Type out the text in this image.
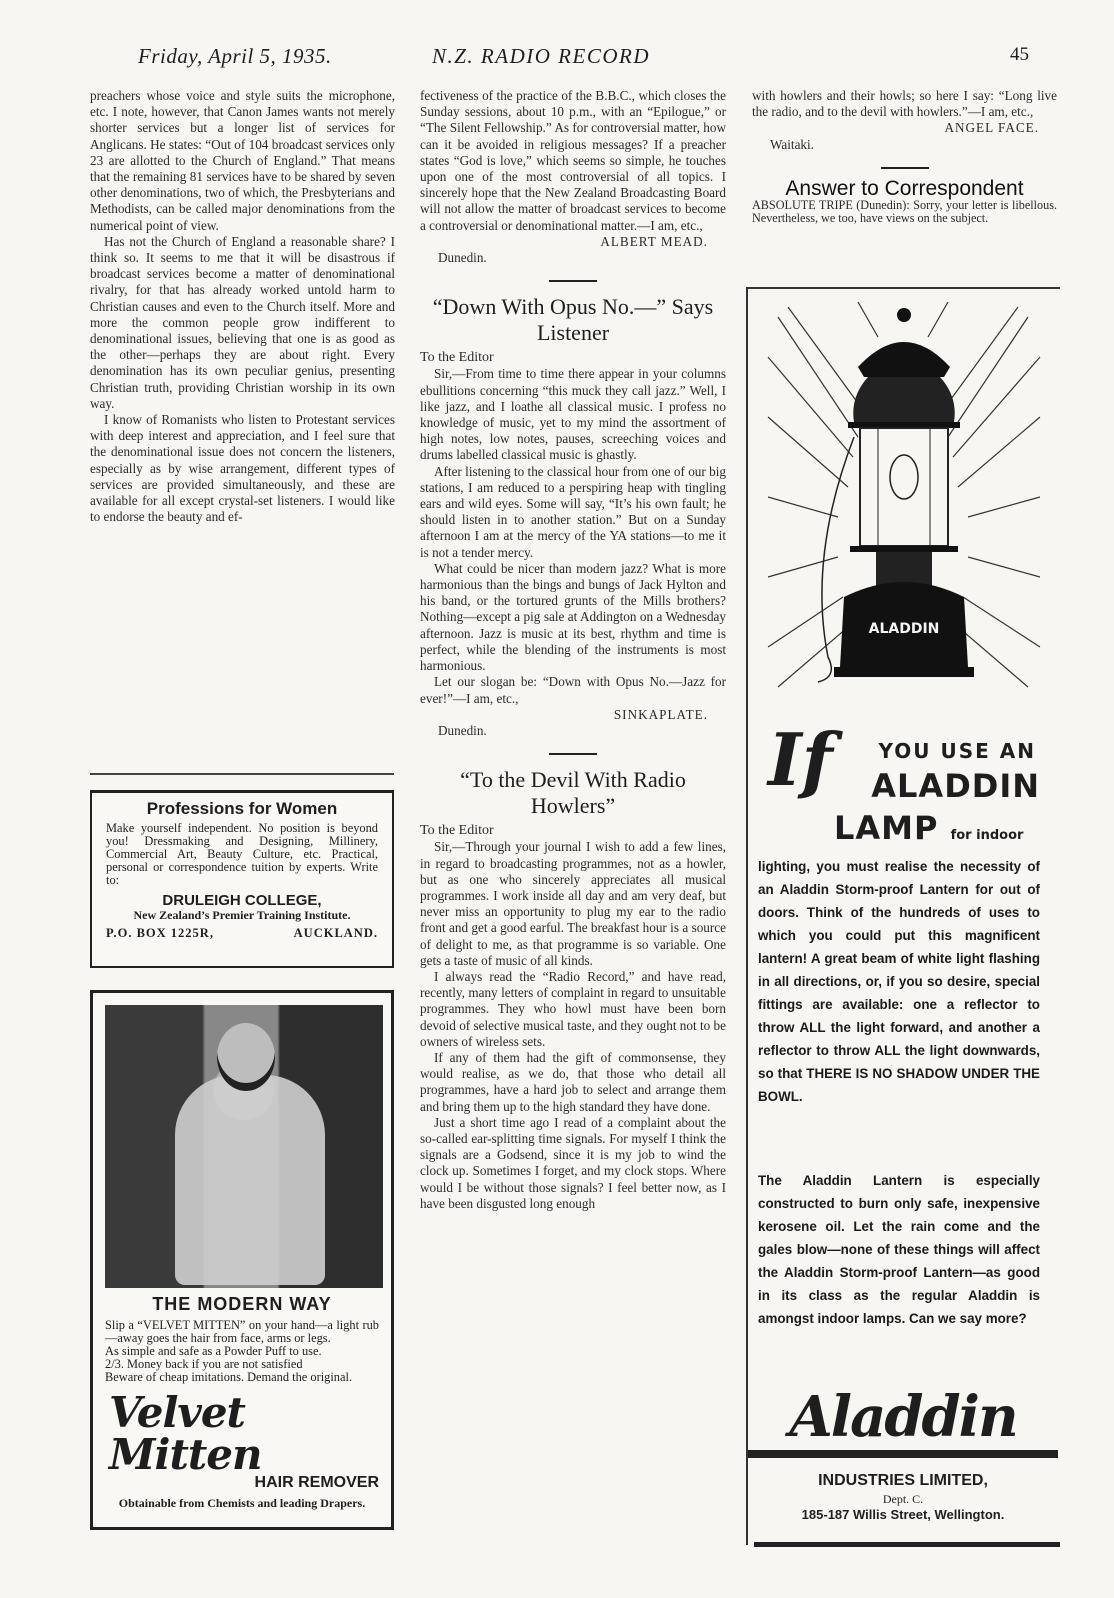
Friday, April 5, 1935.	N.Z. RADIO RECORD	45

preachers whose voice and style suits the microphone, etc. I note, however, that Canon James wants not merely shorter services but a longer list of services for Anglicans. He states: “Out of 104 broadcast services only 23 are allotted to the Church of England.” That means that the remaining 81 services have to be shared by seven other denominations, two of which, the Presbyterians and Methodists, can be called major denominations from the numerical point of view.

Has not the Church of England a reasonable share? I think so. It seems to me that it will be disastrous if broadcast services become a matter of denominational rivalry, for that has already worked untold harm to Christian causes and even to the Church itself. More and more the common people grow indifferent to denominational issues, believing that one is as good as the other—perhaps they are about right. Every denomination has its own peculiar genius, presenting Christian truth, providing Christian worship in its own way.

I know of Romanists who listen to Protestant services with deep interest and appreciation, and I feel sure that the denominational issue does not concern the listeners, especially as by wise arrangement, different types of services are provided simultaneously, and these are available for all except crystal-set listeners. I would like to endorse the beauty and ef-

Professions for Women
Make yourself independent. No position is beyond you! Dressmaking and Designing, Millinery, Commercial Art, Beauty Culture, etc. Practical, personal or correspondence tuition by experts. Write to:
DRULEIGH COLLEGE,
New Zealand’s Premier Training Institute.
P.O. BOX 1225R,	AUCKLAND.
THE MODERN WAY
Slip a “VELVET MITTEN” on your hand—a light rub—away goes the hair from face, arms or legs.
As simple and safe as a Powder Puff to use.
2/3. Money back if you are not satisfied
Beware of cheap imitations. Demand the original.
Velvet Mitten
HAIR REMOVER
Obtainable from Chemists and leading Drapers.

fectiveness of the practice of the B.B.C., which closes the Sunday sessions, about 10 p.m., with an “Epilogue,” or “The Silent Fellowship.” As for controversial matter, how can it be avoided in religious messages? If a preacher states “God is love,” which seems so simple, he touches upon one of the most controversial of all topics. I sincerely hope that the New Zealand Broadcasting Board will not allow the matter of broadcast services to become a controversial or denominational matter.—I am, etc.,

ALBERT MEAD.
Dunedin.
“Down With Opus No.—” Says Listener
To the Editor

Sir,—From time to time there appear in your columns ebullitions concerning “this muck they call jazz.” Well, I like jazz, and I loathe all classical music. I profess no knowledge of music, yet to my mind the assortment of high notes, low notes, pauses, screeching voices and drums labelled classical music is ghastly.

After listening to the classical hour from one of our big stations, I am reduced to a perspiring heap with tingling ears and wild eyes. Some will say, “It’s his own fault; he should listen in to another station.” But on a Sunday afternoon I am at the mercy of the YA stations—to me it is not a tender mercy.

What could be nicer than modern jazz? What is more harmonious than the bings and bungs of Jack Hylton and his band, or the tortured grunts of the Mills brothers? Nothing—except a pig sale at Addington on a Wednesday afternoon. Jazz is music at its best, rhythm and time is perfect, while the blending of the instruments is most harmonious.

Let our slogan be: “Down with Opus No.—Jazz for ever!”—I am, etc.,

SINKAPLATE.
Dunedin.
“To the Devil With Radio Howlers”
To the Editor

Sir,—Through your journal I wish to add a few lines, in regard to broadcasting programmes, not as a howler, but as one who sincerely appreciates all musical programmes. I work inside all day and am very deaf, but never miss an opportunity to plug my ear to the radio front and get a good earful. The breakfast hour is a source of delight to me, as that programme is so variable. One gets a taste of music of all kinds.

I always read the “Radio Record,” and have read, recently, many letters of complaint in regard to unsuitable programmes. They who howl must have been born devoid of selective musical taste, and they ought not to be owners of wireless sets.

If any of them had the gift of commonsense, they would realise, as we do, that those who detail all programmes, have a hard job to select and arrange them and bring them up to the high standard they have done.

Just a short time ago I read of a complaint about the so-called ear-splitting time signals. For myself I think the signals are a Godsend, since it is my job to wind the clock up. Sometimes I forget, and my clock stops. Where would I be without those signals? I feel better now, as I have been disgusted long enough

with howlers and their howls; so here I say: “Long live the radio, and to the devil with howlers.”—I am, etc.,

ANGEL FACE.
Waitaki.
Answer to Correspondent
ABSOLUTE TRIPE (Dunedin): Sorry, your letter is libellous. Nevertheless, we too, have views on the subject.
ALADDIN
If	YOU USE AN
ALADDIN
LAMP for indoor
lighting, you must realise the necessity of an Aladdin Storm-proof Lantern for out of doors. Think of the hundreds of uses to which you could put this magnificent lantern! A great beam of white light flashing in all directions, or, if you so desire, special fittings are available: one a reflector to throw ALL the light forward, and another a reflector to throw ALL the light downwards, so that THERE IS NO SHADOW UNDER THE BOWL.
The Aladdin Lantern is especially constructed to burn only safe, inexpensive kerosene oil. Let the rain come and the gales blow—none of these things will affect the Aladdin Storm-proof Lantern—as good in its class as the regular Aladdin is amongst indoor lamps. Can we say more?
Aladdin
INDUSTRIES LIMITED,
Dept. C.
185-187 Willis Street, Wellington.
